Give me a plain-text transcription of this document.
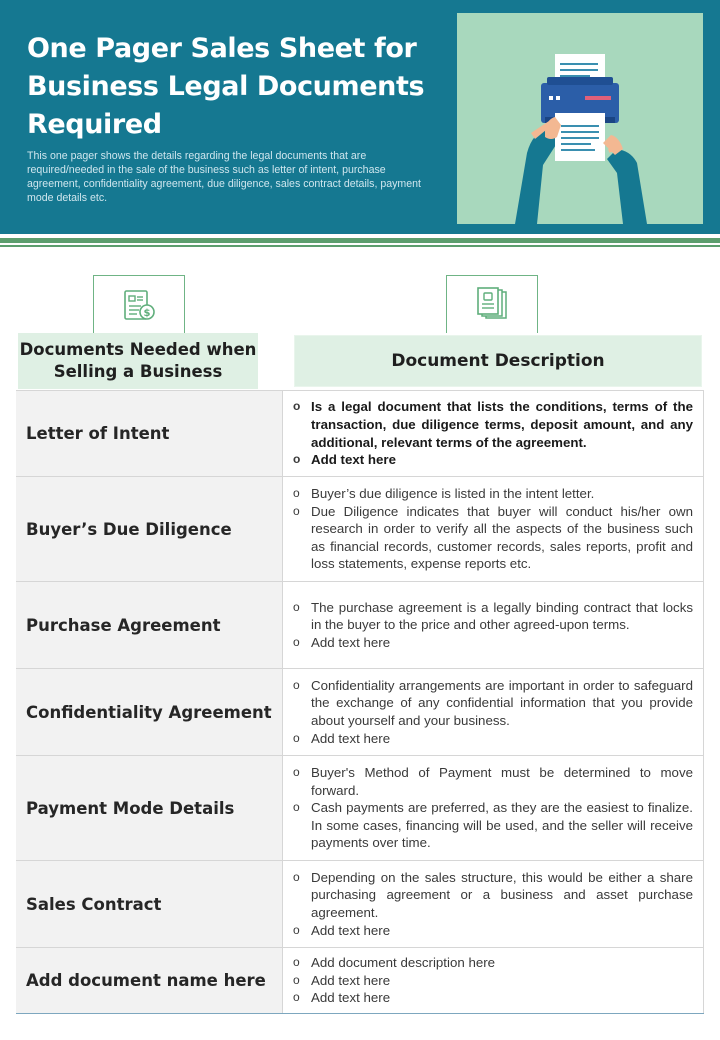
One Pager Sales Sheet for Business Legal Documents Required

This one pager shows the details regarding the legal documents that are required/needed in the sale of the business such as letter of intent, purchase agreement, confidentiality agreement, due diligence, sales contract details, payment mode details etc.

$
Documents Needed when Selling a Business
Document Description
Letter of Intent
o Is a legal document that lists the conditions, terms of the transaction, due diligence terms, deposit amount, and any additional, relevant terms of the agreement.
o Add text here
Buyer’s Due Diligence
o Buyer’s due diligence is listed in the intent letter.
o Due Diligence indicates that buyer will conduct his/her own research in order to verify all the aspects of the business such as financial records, customer records, sales reports, profit and loss statements, expense reports etc.
Purchase Agreement
o The purchase agreement is a legally binding contract that locks in the buyer to the price and other agreed-upon terms.
o Add text here
Confidentiality Agreement
o Confidentiality arrangements are important in order to safeguard the exchange of any confidential information that you provide about yourself and your business.
o Add text here
Payment Mode Details
o Buyer's Method of Payment must be determined to move forward.
o Cash payments are preferred, as they are the easiest to finalize. In some cases, financing will be used, and the seller will receive payments over time.
Sales Contract
o Depending on the sales structure, this would be either a share purchasing agreement or a business and asset purchase agreement.
o Add text here
Add document name here
o Add document description here
o Add text here
o Add text here
